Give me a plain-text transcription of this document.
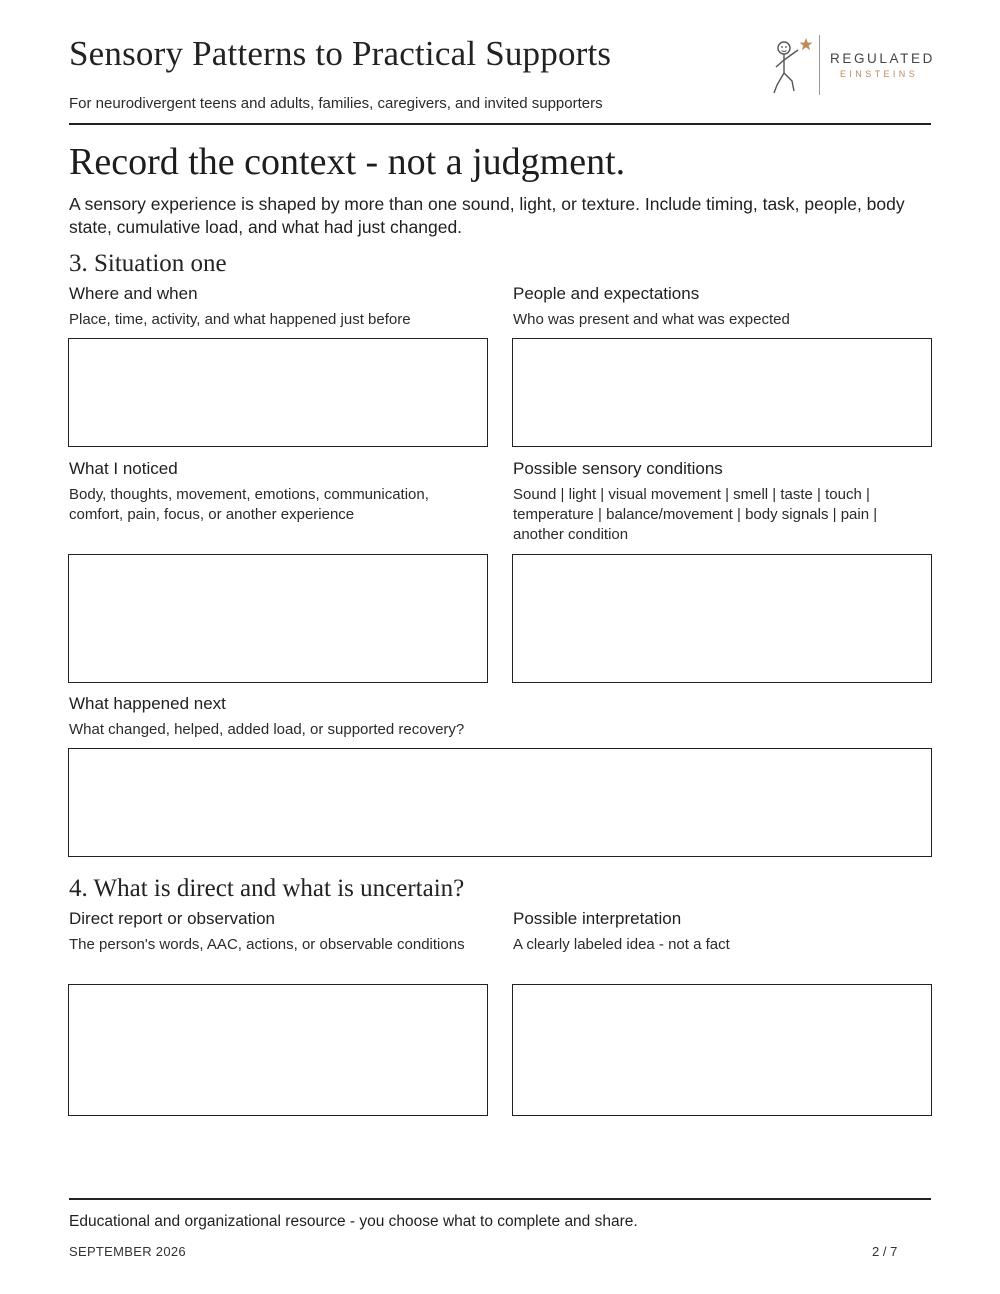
Sensory Patterns to Practical Supports
For neurodivergent teens and adults, families, caregivers, and invited supporters
REGULATED
EINSTEINS
Record the context - not a judgment.
A sensory experience is shaped by more than one sound, light, or texture. Include timing, task, people, body state, cumulative load, and what had just changed.
3. Situation one
Where and when
Place, time, activity, and what happened just before
People and expectations
Who was present and what was expected
What I noticed
Body, thoughts, movement, emotions, communication, comfort, pain, focus, or another experience
Possible sensory conditions
Sound | light | visual movement | smell | taste | touch | temperature | balance/movement | body signals | pain | another condition
What happened next
What changed, helped, added load, or supported recovery?
4. What is direct and what is uncertain?
Direct report or observation
The person's words, AAC, actions, or observable conditions
Possible interpretation
A clearly labeled idea - not a fact
Educational and organizational resource - you choose what to complete and share.
SEPTEMBER 2026	2 / 7
